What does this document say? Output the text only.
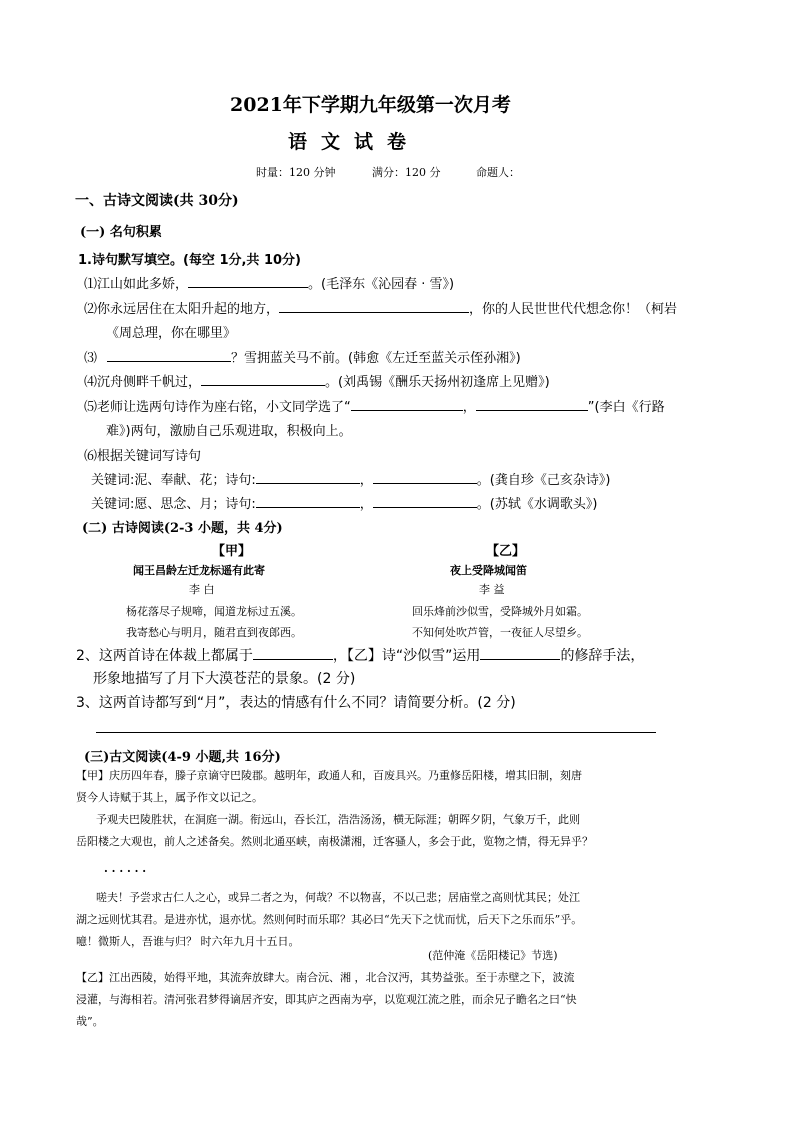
2021年下学期九年级第一次月考
语文试卷
时量：120 分钟	满分：120 分	命题人：
一、古诗文阅读(共 30分)
(一) 名句积累
1.诗句默写填空。(每空 1分,共 10分)
⑴江山如此多娇，	。(毛泽东《沁园春 · 雪》)
⑵你永远居住在太阳升起的地方，	，你的人民世世代代想念你！（柯岩
《周总理，你在哪里》
⑶	？雪拥蓝关马不前。(韩愈《左迁至蓝关示侄孙湘》)
⑷沉舟侧畔千帆过，	。(刘禹锡《酬乐天扬州初逢席上见赠》)
⑸老师让选两句诗作为座右铭，小文同学选了“	，	”(李白《行路
难》)两句，激励自己乐观进取，积极向上。
⑹根据关键词写诗句
关键词:泥、奉献、花；诗句:	，	。(龚自珍《己亥杂诗》)
关键词:愿、思念、月；诗句:	，	。(苏轼《水调歌头》)
(二) 古诗阅读(2-3 小题，共 4分)
【甲】	【乙】
闻王昌龄左迁龙标遥有此寄	夜上受降城闻笛
李 白	李 益
杨花落尽子规啼，闻道龙标过五溪。	回乐烽前沙似雪，受降城外月如霜。
我寄愁心与明月，随君直到夜郎西。	不知何处吹芦管，一夜征人尽望乡。
2、这两首诗在体裁上都属于	，【乙】诗“沙似雪”运用	的修辞手法，
形象地描写了月下大漠苍茫的景象。(2 分)
3、这两首诗都写到“月”，表达的情感有什么不同？请简要分析。(2 分)
(三)古文阅读(4-9 小题,共 16分)
【甲】庆历四年春，滕子京谪守巴陵郡。越明年，政通人和，百废具兴。乃重修岳阳楼，增其旧制，刻唐
贤今人诗赋于其上，属予作文以记之。
予观夫巴陵胜状，在洞庭一湖。衔远山，吞长江，浩浩汤汤，横无际涯；朝晖夕阴，气象万千，此则
岳阳楼之大观也，前人之述备矣。然则北通巫峡，南极潇湘，迁客骚人，多会于此，览物之情，得无异乎？
· · · · · ·
嗟夫！予尝求古仁人之心，或异二者之为，何哉？不以物喜，不以己悲；居庙堂之高则忧其民；处江
湖之远则忧其君。是进亦忧，退亦忧。然则何时而乐耶？其必曰“先天下之忧而忧，后天下之乐而乐”乎。
噫！微斯人，吾谁与归？ 时六年九月十五日。
(范仲淹《岳阳楼记》节选)
【乙】江出西陵，始得平地，其流奔放肆大。南合沅、湘 ，北合汉沔，其势益张。至于赤壁之下，波流
浸灌，与海相若。清河张君梦得谪居齐安，即其庐之西南为亭，以览观江流之胜，而余兄子瞻名之曰“快
哉”。
